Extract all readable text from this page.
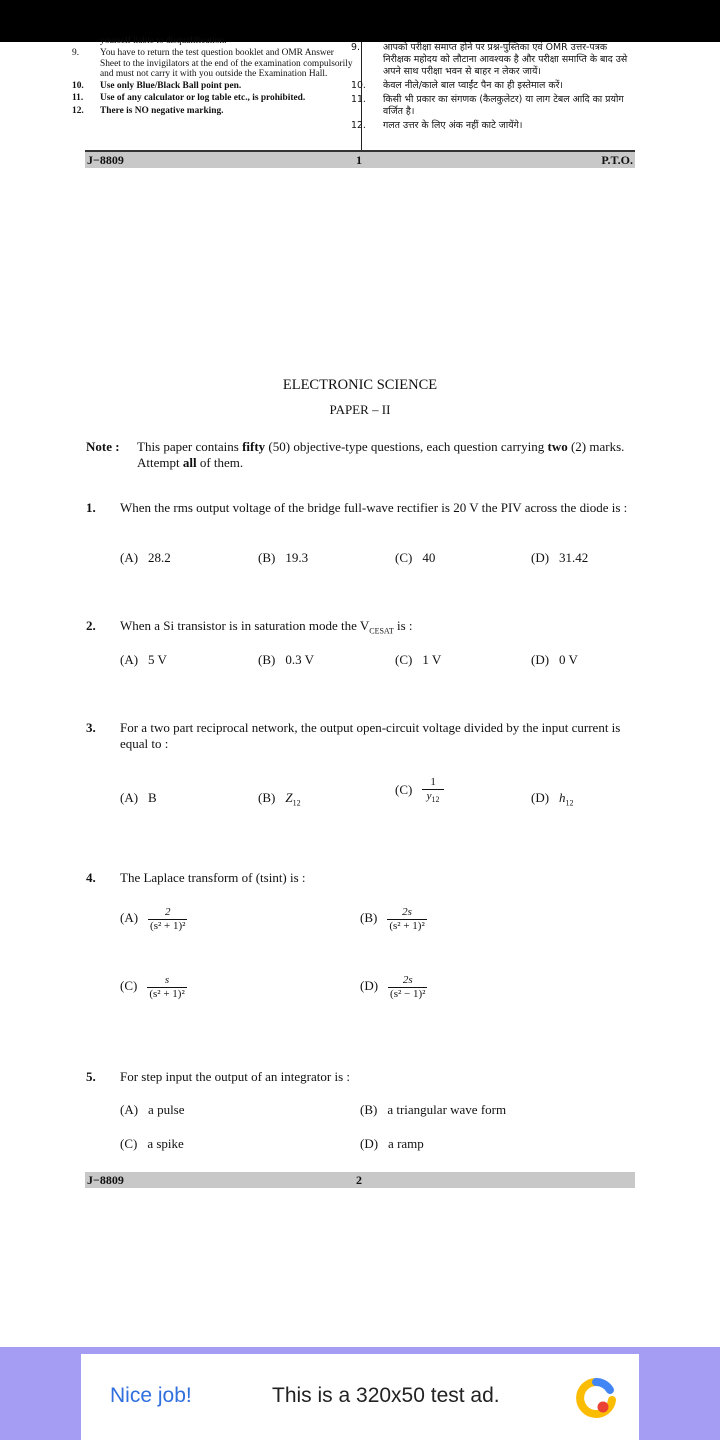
yourself liable to disqualification.

9. You have to return the test question booklet and OMR Answer Sheet to the invigilators at the end of the examination compulsorily and must not carry it with you outside the Examination Hall.

10. Use only Blue/Black Ball point pen.

11. Use of any calculator or log table etc., is prohibited.

12. There is NO negative marking.

9. आपको परीक्षा समाप्त होने पर प्रश्न-पुस्तिका एवं OMR उत्तर-पत्रक निरीक्षक महोदय को लौटाना आवश्यक है और परीक्षा समाप्ति के बाद उसे अपने साथ परीक्षा भवन से बाहर न लेकर जायें।

10. केवल नीले/काले बाल प्वाईंट पैन का ही इस्तेमाल करें।

11. किसी भी प्रकार का संगणक (कैलकुलेटर) या लाग टेबल आदि का प्रयोग वर्जित है।

12. गलत उत्तर के लिए अंक नहीं काटे जायेंगे।

J−8809	1	P.T.O.
ELECTRONIC SCIENCE
PAPER – II
Note : This paper contains fifty (50) objective-type questions, each question carrying two (2) marks. Attempt all of them.
1. When the rms output voltage of the bridge full-wave rectifier is 20 V the PIV across the diode is :
(A) 28.2	(B) 19.3	(C) 40	(D) 31.42
2. When a Si transistor is in saturation mode the $V_{CESAT}$ is :
(A) 5 V	(B) 0.3 V	(C) 1 V	(D) 0 V
3. For a two part reciprocal network, the output open-circuit voltage divided by the input current is equal to :
(A) B	(B) $Z_{12}$
$(C) \frac{1}{y_{12}}$	(D) $h_{12}$
4. The Laplace transform of (tsint) is :
$(A) \frac{2}{\text{(s² + 1)²}}$	$(B) \frac{2s}{\text{(s² + 1)²}}$
$(C) \frac{s}{\text{(s² + 1)²}}$	$(D) \frac{2s}{\text{(s² − 1)²}}$
5. For step input the output of an integrator is :
(A) a pulse	(B) a triangular wave form
(C) a spike	(D) a ramp
J−8809	2
Nice job!	This is a 320x50 test ad.
